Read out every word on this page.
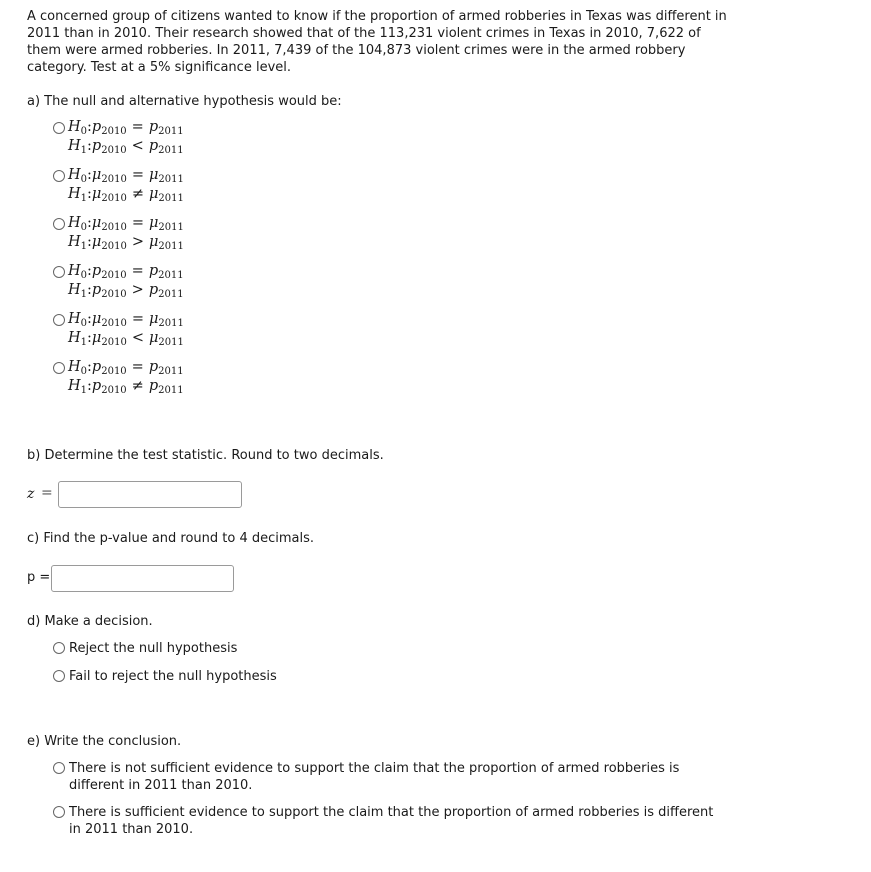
A concerned group of citizens wanted to know if the proportion of armed robberies in Texas was different in 2011 than in 2010. Their research showed that of the 113,231 violent crimes in Texas in 2010, 7,622 of them were armed robberies. In 2011, 7,439 of the 104,873 violent crimes were in the armed robbery category. Test at a 5% significance level.
a) The null and alternative hypothesis would be:
$H_0:p_{2010} = p_{2011}$
$H_1:p_{2010} < p_{2011}$
$H_0:\mu_{2010} = \mu_{2011}$
$H_1:\mu_{2010} \ne \mu_{2011}$
$H_0:\mu_{2010} = \mu_{2011}$
$H_1:\mu_{2010} > \mu_{2011}$
$H_0:p_{2010} = p_{2011}$
$H_1:p_{2010} > p_{2011}$
$H_0:\mu_{2010} = \mu_{2011}$
$H_1:\mu_{2010} < \mu_{2011}$
$H_0:p_{2010} = p_{2011}$
$H_1:p_{2010} \ne p_{2011}$
b) Determine the test statistic. Round to two decimals.
z =
c) Find the p-value and round to 4 decimals.
p =
d) Make a decision.
Reject the null hypothesis
Fail to reject the null hypothesis
e) Write the conclusion.
There is not sufficient evidence to support the claim that the proportion of armed robberies is different in 2011 than 2010.
There is sufficient evidence to support the claim that the proportion of armed robberies is different in 2011 than 2010.
